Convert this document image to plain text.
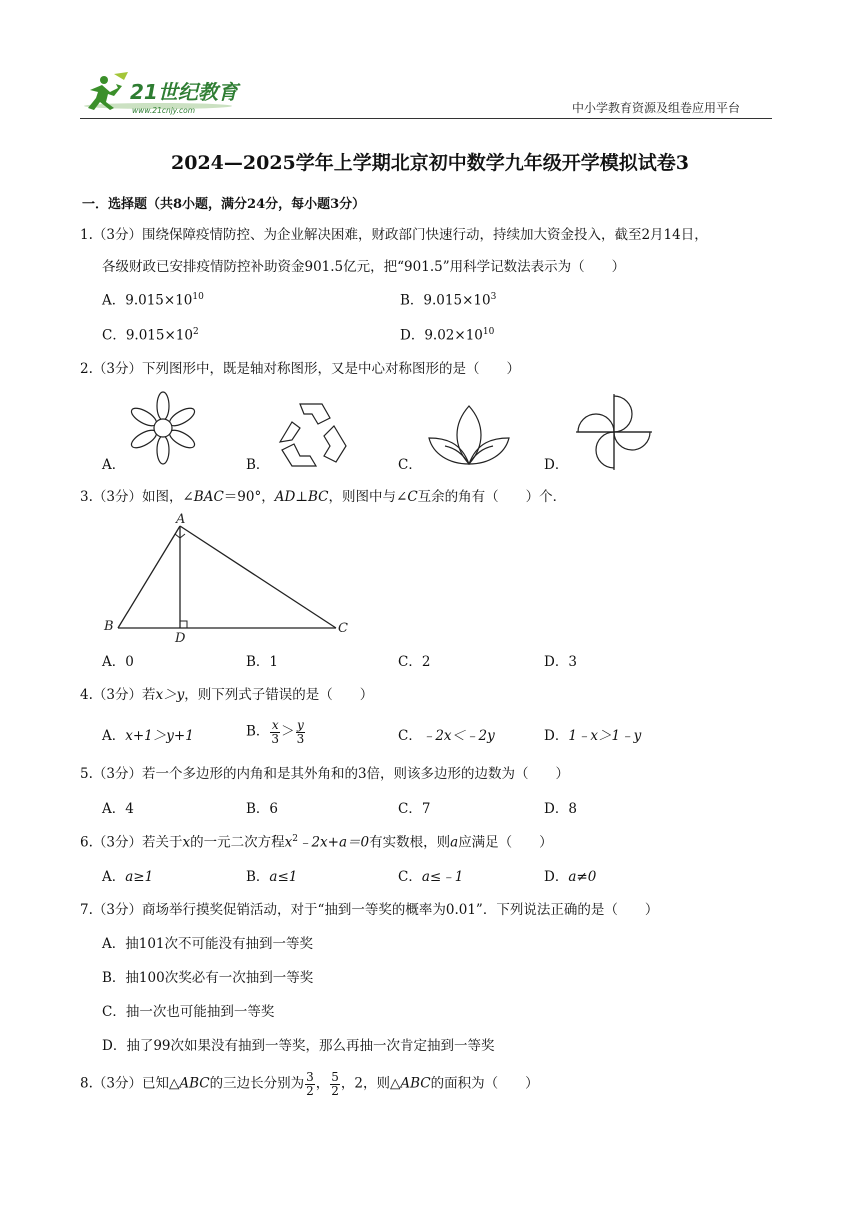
21世纪教育
www.21cnjy.com	中小学教育资源及组卷应用平台
2024—2025学年上学期北京初中数学九年级开学模拟试卷3
一．选择题（共8小题，满分24分，每小题3分）
1.（3分）围绕保障疫情防控、为企业解决困难，财政部门快速行动，持续加大资金投入，截至2月14日，
各级财政已安排疫情防控补助资金901.5亿元，把“901.5”用科学记数法表示为（　　）
A．$9.015\times 10^{10}$	B．$9.015\times 10^3$
C．$9.015\times 10^2$	D．$9.02\times 10^{10}$
2.（3分）下列图形中，既是轴对称图形，又是中心对称图形的是（　　）
A．	B．	C．	D．
3.（3分）如图，∠BAC＝90°，AD⊥BC，则图中与∠C互余的角有（　　）个．
A
B	C
D
A．0	B．1	C．2	D．3
4.（3分）若x＞y，则下列式子错误的是（　　）
A．x+1＞y+1	B． $\frac{x}{3} > \frac{y}{3}$	C．﹣2x＜﹣2y	D．1﹣x＞1﹣y
5.（3分）若一个多边形的内角和是其外角和的3倍，则该多边形的边数为（　　）
A．4	B．6	C．7	D．8
6.（3分）若关于x的一元二次方程$x^2﹣2x+a=0$有实数根，则a应满足（　　）
A．a≥1	B．a≤1	C．a≤﹣1	D．a≠0
7.（3分）商场举行摸奖促销活动，对于“抽到一等奖的概率为0.01”．下列说法正确的是（　　）
A．抽101次不可能没有抽到一等奖
B．抽100次奖必有一次抽到一等奖
C．抽一次也可能抽到一等奖
D．抽了99次如果没有抽到一等奖，那么再抽一次肯定抽到一等奖
8.（3分）已知△ABC的三边长分别为 $\frac{3}{2}$ ， $\frac{5}{2}$ ，2，则△ABC的面积为（　　）
